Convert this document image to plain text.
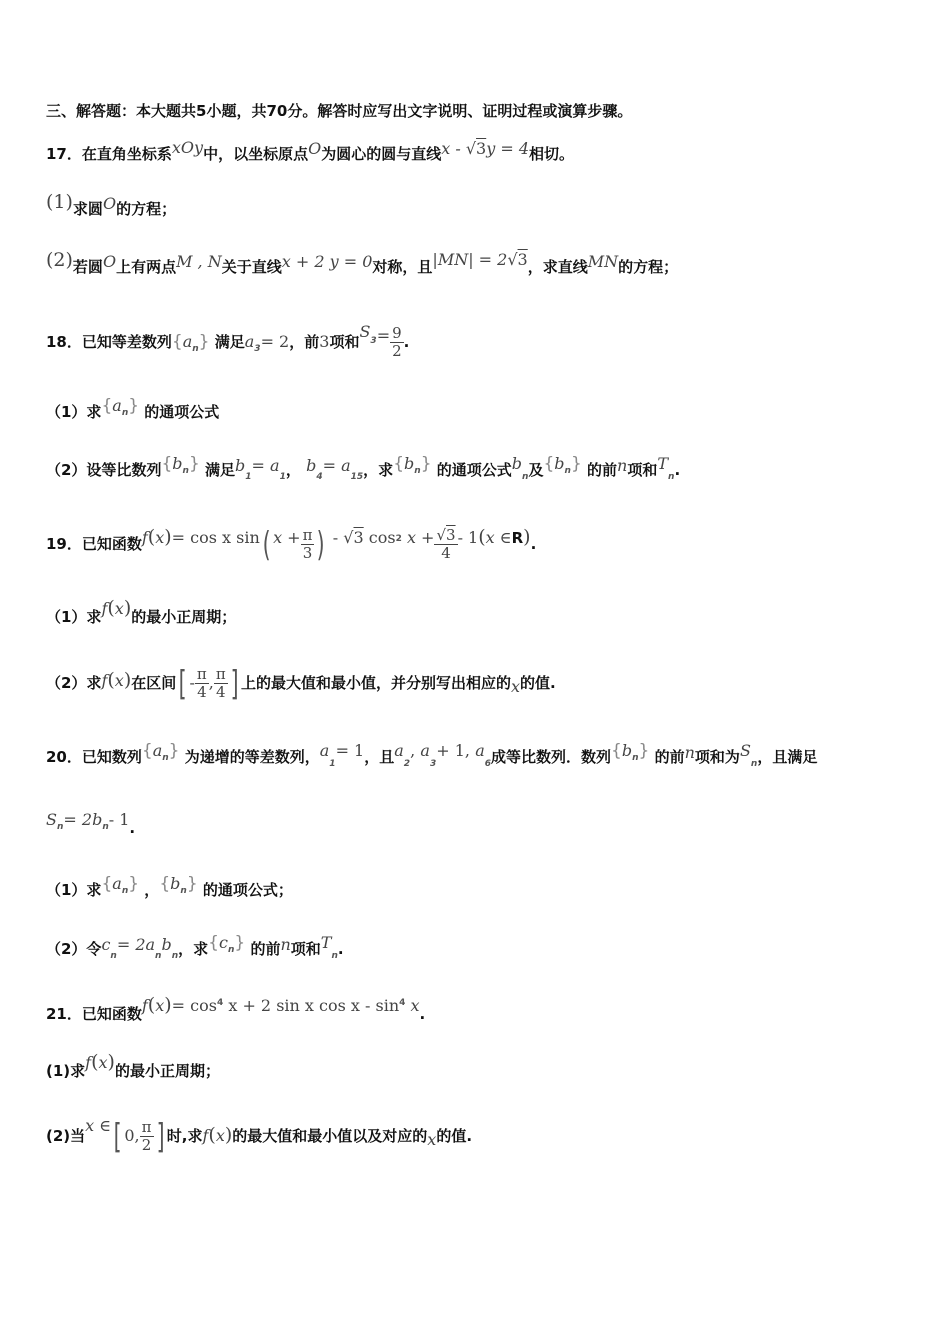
三、解答题：本大题共5小题，共70分。解答时应写出文字说明、证明过程或演算步骤。
17．在直角坐标系xOy中，以坐标原点O为圆心的圆与直线x - √3y = 4相切。
(1)求圆O的方程；
(2)若圆O上有两点M , N关于直线x + 2 y = 0对称，且|MN| = 2√3，求直线MN的方程；
18．已知等差数列$\{a_n\}$ 满足$a_3= 2$，前3项和$S^3= \frac{9}{2}$ .
（1）求$\{a^n\}$ 的通项公式
（2）设等比数列$\{b^n\}$ 满足$b_1= a_1$， $b_4= a_{15}$，求$\{b^n\}$ 的通项公式$b_n$及$\{b^n\}$ 的前n项和$T_n$.
19．已知函数f(x)= cos x sin( $x + \frac{\pi}{3}$ ) - √3 $\cos^2 x + \frac{√3}{4} - 1(x$ ∈R).
（1）求f(x)的最小正周期；
（2）求f(x)在区间[ - $\frac{\pi}{4}$ , $\frac{\pi}{4}$ ] 上的最大值和最小值，并分别写出相应的x的值.
20．已知数列$\{a^n\}$ 为递增的等差数列，$a_1= 1$，且$a_2$, $a_3+ 1$, $a_6$成等比数列．数列$\{b^n\}$ 的前n项和为$S_n$，且满足
$S_n= 2b_n-$ 1.
（1）求$\{a^n\}$ ，$\{b^n\}$ 的通项公式；
（2）令$c_n= 2a_nb_n$，求$\{c^n\}$ 的前n项和$T_n$.
21．已知函数$f(x)= \cos^4 x + 2$ sin x cos x - $\sin^4 x$.
(1)求f(x)的最小正周期；
(2)当x ∈[ 0, $\frac{\pi}{2}$ ] 时,求f(x)的最大值和最小值以及对应的x的值.
